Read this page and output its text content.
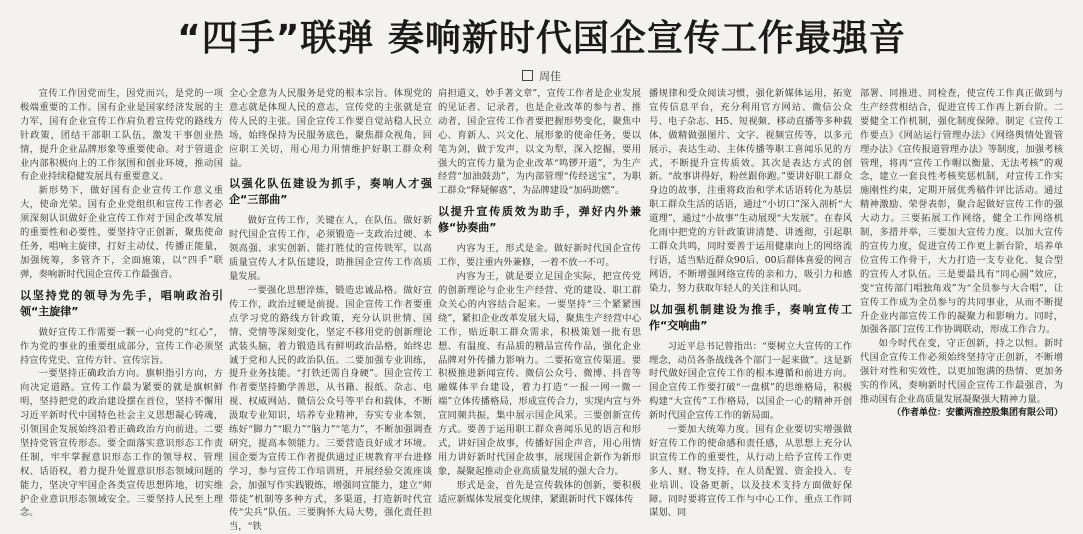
“四手”联弹 奏响新时代国企宣传工作最强音
周佳

宣传工作因党而生，因党而兴，是党的一项极端重要的工作。国有企业是国家经济发展的主力军，国有企业宣传工作肩负着宣传党的路线方针政策，团结干部职工队伍，激发干事创业热情，提升企业品牌形象等重要使命。对于管道企业内部积极向上的工作氛围和创业环境，推动国有企业持续稳健发展具有重要意义。

新形势下，做好国有企业宣传工作意义重大，使命光荣。国有企业党组织和宣传工作者必须深刻认识做好企业宣传工作对于国企改革发展的重要性和必要性，要坚持守正创新，聚焦使命任务，唱响主旋律，打好主动仗，传播正能量，加强统筹，多管齐下，全面施策，以“四手”联弹，奏响新时代国企宣传工作最强音。

以坚持党的领导为先手，唱响政治引领“主旋律”

做好宣传工作需要一颗一心向党的“红心”，作为党的事业的重要组成部分，宣传工作必须坚持宣传党史、宣传方针、宣传宗旨。

一要坚持正确政治方向。旗帜指引方向，方向决定道路。宣传工作最为紧要的就是旗帜鲜明，坚持把党的政治建设摆在首位，坚持不懈用习近平新时代中国特色社会主义思想凝心铸魂，引领国企发展始终沿着正确政治方向前进。二要坚持党管宣传形态。要全面落实意识形态工作责任制，牢牢掌握意识形态工作的领导权、管理权、话语权，着力提升处置意识形态领域问题的能力，坚决守牢国企各类宣传思想阵地，切实维护企业意识形态领域安全。三要坚持人民至上理念。

全心全意为人民服务是党的根本宗旨。体现党的意志就是体现人民的意志，宣传党的主张就是宣传人民的主张。国企宣传工作要自觉站稳人民立场，始终保持为民服务底色，聚焦群众视角，回应职工关切，用心用力用情维护好职工群众利益。

以强化队伍建设为抓手，奏响人才强企“三部曲”

做好宣传工作，关键在人，在队伍。做好新时代国企宣传工作，必须锻造一支政治过硬、本领高强、求实创新、能打胜仗的宣传铁军，以高质量宣传人才队伍建设，助推国企宣传工作高质量发展。

一要强化思想淬炼，锻造忠诚品格。做好宣传工作，政治过硬是前提。国企宣传工作者要重点学习党的路线方针政策，充分认识世情、国情、党情等深刻变化，坚定不移用党的创新理论武装头脑，着力锻造具有鲜明政治品格，始终忠诚于党和人民的政治队伍。二要加强专业训练，提升业务技能。“打铁还需自身硬”。国企宣传工作者要坚持勤学善思，从书籍、报纸、杂志、电视、权威网站、微信公众号等平台和载体，不断汲取专业知识，培养专业精神，夯实专业本领，练好“脚力”“眼力”“脑力”“笔力”，不断加强调查研究，提高本领能力。三要营造良好成才环境。国企要为宣传工作者提供通过正规教育平台进修学习，参与宣传工作培训班，开展经验交流座谈会，加强写作实践锻炼，增强同宣能力，建立“师带徒”机制等多种方式，多渠道，打造新时代宣传“尖兵”队伍。三要胸怀大局大势，强化责任担当，“铁

肩担道义，妙手著文章”，宣传工作者是企业发展的见证者、记录者，也是企业改革的参与者、推动者，国企宣传工作者要把握形势变化，聚焦中心、育新人、兴文化、展形象的使命任务，要以笔为剑，做于发声，以文为犁，深入挖掘，要用强大的宣传力量为企业改革“鸣锣开道”，为生产经营“加油鼓劲”，为内部管理“传经送宝”，为职工群众“释疑解惑”，为品牌建设“加码助燃”。

以提升宣传质效为助手，弹好内外兼修“协奏曲”

内容为王，形式是金。做好新时代国企宣传工作，要注重内外兼修，一着不放一不可。

内容为王，就是要立足国企实际，把宣传党的创新理论与企业生产经营、党的建设、职工群众关心的内容结合起来。一要坚持“三个紧紧围绕”，紧扣企业改革发展大局，聚焦生产经营中心工作，贴近职工群众需求，积极策划一批有思想、有温度、有品质的精品宣传作品，强化企业品牌对外传播力影响力。二要拓宽宣传渠道。要积极推进新闻宣传、微信公众号、微博、抖音等融媒体平台建设，着力打造“一报一网一微一端”立体传播格局，形成宣传合力，实现内宣与外宣同频共振，集中展示国企风采。三要创新宣传方式。要善于运用职工群众喜闻乐见的语言和形式，讲好国企故事，传播好国企声音，用心用情用力讲好新时代国企故事，展现国企新作为新形象，凝聚起推动企业高质量发展的强大合力。

形式是金，首先是宣传载体的创新，要积极适应新媒体发展变化规律，紧跟新时代下媒体传

播规律和受众阅读习惯，强化新媒体运用，拓宽宣传信息平台，充分利用官方网站、微信公众号、电子杂志、H5、短视频、移动直播等多种载体，做精做强图片、文字、视频宣传等，以多元展示，表达生动、主体传播等职工喜闻乐见的方式，不断提升宣传质效。其次是表达方式的创新。“故事讲得好，粉丝跟你跑。”要讲好职工群众身边的故事，注重将政治和学术话语转化为基层职工群众生活的话语，通过“小切口”深入剖析“大道理”，通过“小故事”生动展现“大发展”。在春风化雨中把党的方针政策讲清楚、讲透彻，引起职工群众共鸣，同时要善于运用健康向上的网络流行语，适当贴近群众90后、00后群体喜爱的网言网语，不断增强网络宣传的亲和力，吸引力和感染力，努力获取年轻人的关注和认同。

以加强机制建设为推手，奏响宣传工作“交响曲”

习近平总书记曾指出：“要树立大宣传的工作理念，动员各条战线各个部门一起来做”。这是新时代做好国企宣传工作的根本遵循和前进方向。国企宣传工作要打破“一盘棋”的思维格局，积极构建“大宣传”工作格局，以国企一心的精神开创新时代国企宣传工作的新局面。

一要加大统筹力度。国有企业要切实增强做好宣传工作的使命感和责任感，从思想上充分认识宣传工作的重要性，从行动上给予宣传工作更多人、财、物支持，在人员配置、资金投入、专业培训、设备更新，以及技术支持方面做好保障。同时要将宣传工作与中心工作、重点工作同谋划、同

部署、同推进、同检查，使宣传工作真正做到与生产经营相结合，促进宣传工作再上新台阶。二要健全工作机制，强化制度保障。制定《宣传工作要点》《网站运行管理办法》《网络舆情处置管理办法》《宣传报道管理办法》等制度，加强考核管理，将再“宣传工作帽以衡量、无法考核”的观念，建立一套良性考核奖惩机制，对宣传工作实施刚性约束，定期开展优秀稿件评比活动。通过精神激励、荣誉表彰，聚合起做好宣传工作的强大动力。三要拓展工作网络，健全工作网络机制，多措并举，三要加大宣传力度。以加大宣传的宣传力度，促进宣传工作更上新台阶，培养单位宣传工作骨干，大力打造一支专业化、复合型的宣传人才队伍。三是要最具有“同心圆”效应，变“宣传部门唱独角戏”为“全员参与大合唱”，让宣传工作成为全员参与的共同事业，从而不断提升企业内部宣传工作的凝聚力和影响力。同时，加强各部门宣传工作协调联动，形成工作合力。

如今时代在变，守正创新，持之以恒。新时代国企宣传工作必须始终坚持守正创新，不断增强针对性和实效性，以更加饱满的热情、更加务实的作风，奏响新时代国企宣传工作最强音，为推动国有企业高质量发展凝聚强大精神力量。

（作者单位：安徽两淮控股集团有限公司）
